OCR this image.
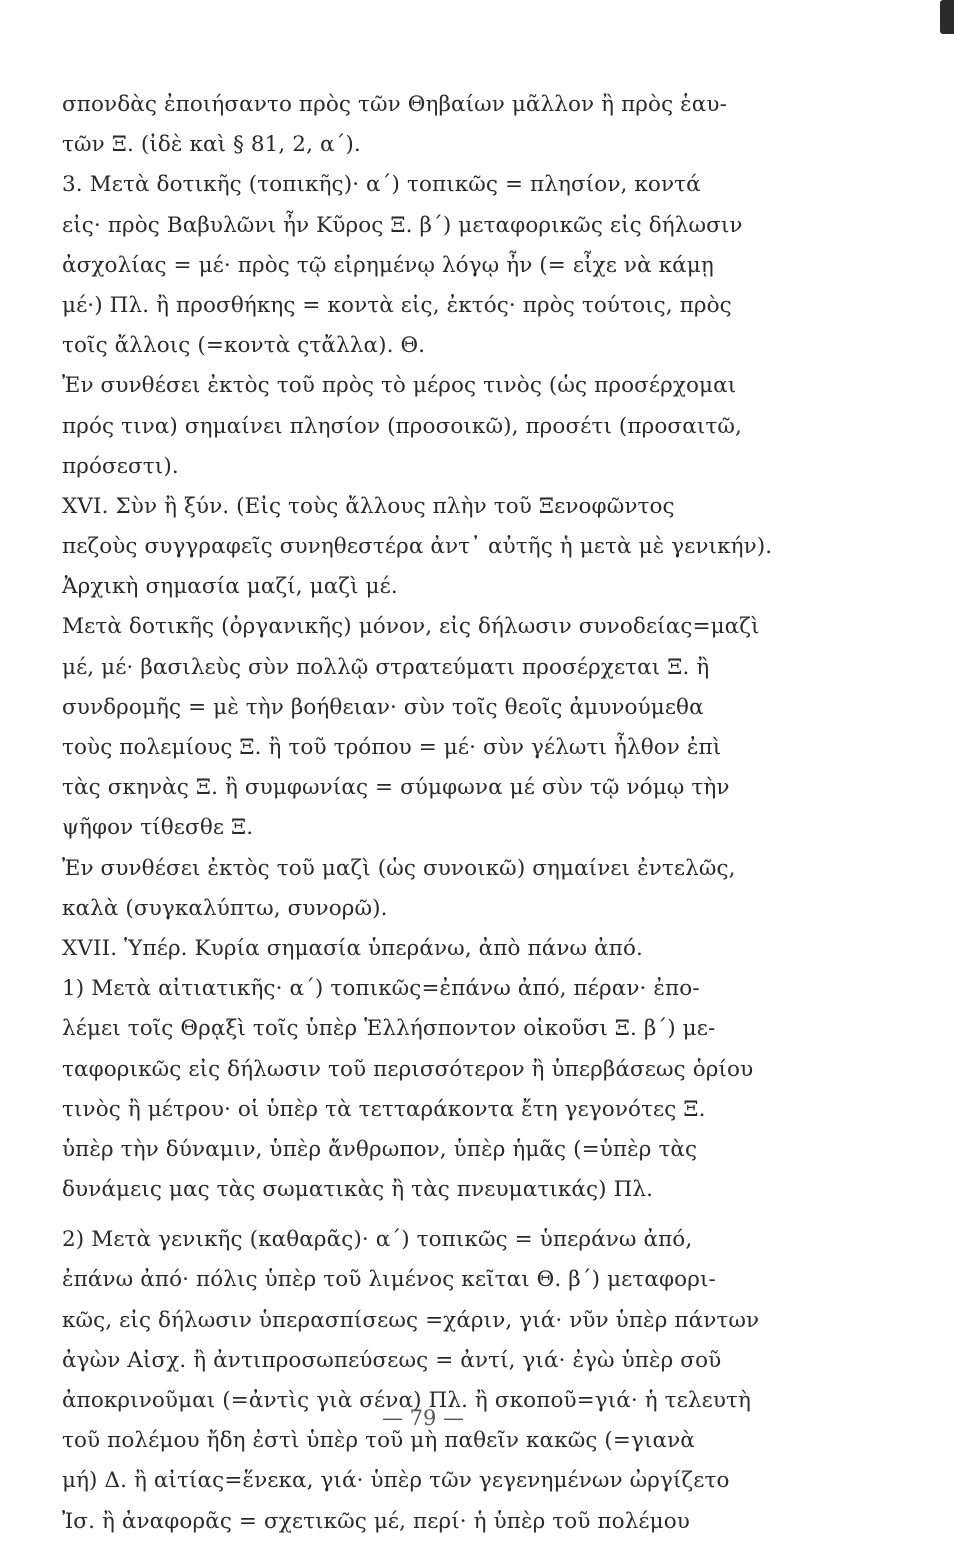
σπονδὰς ἐποιήσαντο πρὸς τῶν Θηβαίων μᾶλλον ἢ πρὸς ἑαυ-
τῶν Ξ. (ἰδὲ καὶ § 81, 2, α΄).
3. Μετὰ δοτικῆς (τοπικῆς)· α΄) τοπικῶς = πλησίον, κοντά
εἰς· πρὸς Βαβυλῶνι ἦν Κῦρος Ξ. β΄) μεταφορικῶς εἰς δήλωσιν
ἀσχολίας = μέ· πρὸς τῷ εἰρημένῳ λόγῳ ἦν (= εἶχε νὰ κάμῃ
μέ·) Πλ. ἢ προσθήκης = κοντὰ εἰς, ἐκτός· πρὸς τούτοις, πρὸς
τοῖς ἄλλοις (=κοντὰ ςτἄλλα). Θ.
Ἐν συνθέσει ἐκτὸς τοῦ πρὸς τὸ μέρος τινὸς (ὡς προσέρχομαι
πρός τινα) σημαίνει πλησίον (προσοικῶ), προσέτι (προσαιτῶ,
πρόσεστι).
XVI. Σὺν ἢ ξύν. (Εἰς τοὺς ἄλλους πλὴν τοῦ Ξενοφῶντος
πεζοὺς συγγραφεῖς συνηθεστέρα ἀντ᾽ αὐτῆς ἡ μετὰ μὲ γενικήν).
Ἀρχικὴ σημασία μαζί, μαζὶ μέ.
Μετὰ δοτικῆς (ὀργανικῆς) μόνον, εἰς δήλωσιν συνοδείας=μαζὶ
μέ, μέ· βασιλεὺς σὺν πολλῷ στρατεύματι προσέρχεται Ξ. ἢ
συνδρομῆς = μὲ τὴν βοήθειαν· σὺν τοῖς θεοῖς ἀμυνούμεθα
τοὺς πολεμίους Ξ. ἢ τοῦ τρόπου = μέ· σὺν γέλωτι ἦλθον ἐπὶ
τὰς σκηνὰς Ξ. ἢ συμφωνίας = σύμφωνα μέ σὺν τῷ νόμῳ τὴν
ψῆφον τίθεσθε Ξ.
Ἐν συνθέσει ἐκτὸς τοῦ μαζὶ (ὡς συνοικῶ) σημαίνει ἐντελῶς,
καλὰ (συγκαλύπτω, συνορῶ).
XVII. Ὑπέρ. Κυρία σημασία ὑπεράνω, ἀπὸ πάνω ἀπό.
1) Μετὰ αἰτιατικῆς· α΄) τοπικῶς=ἐπάνω ἀπό, πέραν· ἐπο-
λέμει τοῖς Θρᾳξὶ τοῖς ὑπὲρ Ἑλλήσποντον οἰκοῦσι Ξ. β΄) με-
ταφορικῶς εἰς δήλωσιν τοῦ περισσότερον ἢ ὑπερβάσεως ὁρίου
τινὸς ἢ μέτρου· οἱ ὑπὲρ τὰ τετταράκοντα ἔτη γεγονότες Ξ.
ὑπὲρ τὴν δύναμιν, ὑπὲρ ἄνθρωπον, ὑπὲρ ἡμᾶς (=ὑπὲρ τὰς
δυνάμεις μας τὰς σωματικὰς ἢ τὰς πνευματικάς) Πλ.
2) Μετὰ γενικῆς (καθαρᾶς)· α΄) τοπικῶς = ὑπεράνω ἀπό,
ἐπάνω ἀπό· πόλις ὑπὲρ τοῦ λιμένος κεῖται Θ. β΄) μεταφορι-
κῶς, εἰς δήλωσιν ὑπερασπίσεως =χάριν, γιά· νῦν ὑπὲρ πάντων
ἀγὼν Αἰσχ. ἢ ἀντιπροσωπεύσεως = ἀντί, γιά· ἐγὼ ὑπὲρ σοῦ
ἀποκρινοῦμαι (=ἀντὶς γιὰ σένα) Πλ. ἢ σκοποῦ=γιά· ἡ τελευτὴ
τοῦ πολέμου ἤδη ἐστὶ ὑπὲρ τοῦ μὴ παθεῖν κακῶς (=γιανὰ
μή) Δ. ἢ αἰτίας=ἕνεκα, γιά· ὑπὲρ τῶν γεγενημένων ὠργίζετο
Ἰσ. ἢ ἀναφορᾶς = σχετικῶς μέ, περί· ἡ ὑπὲρ τοῦ πολέμου
— 79 —
